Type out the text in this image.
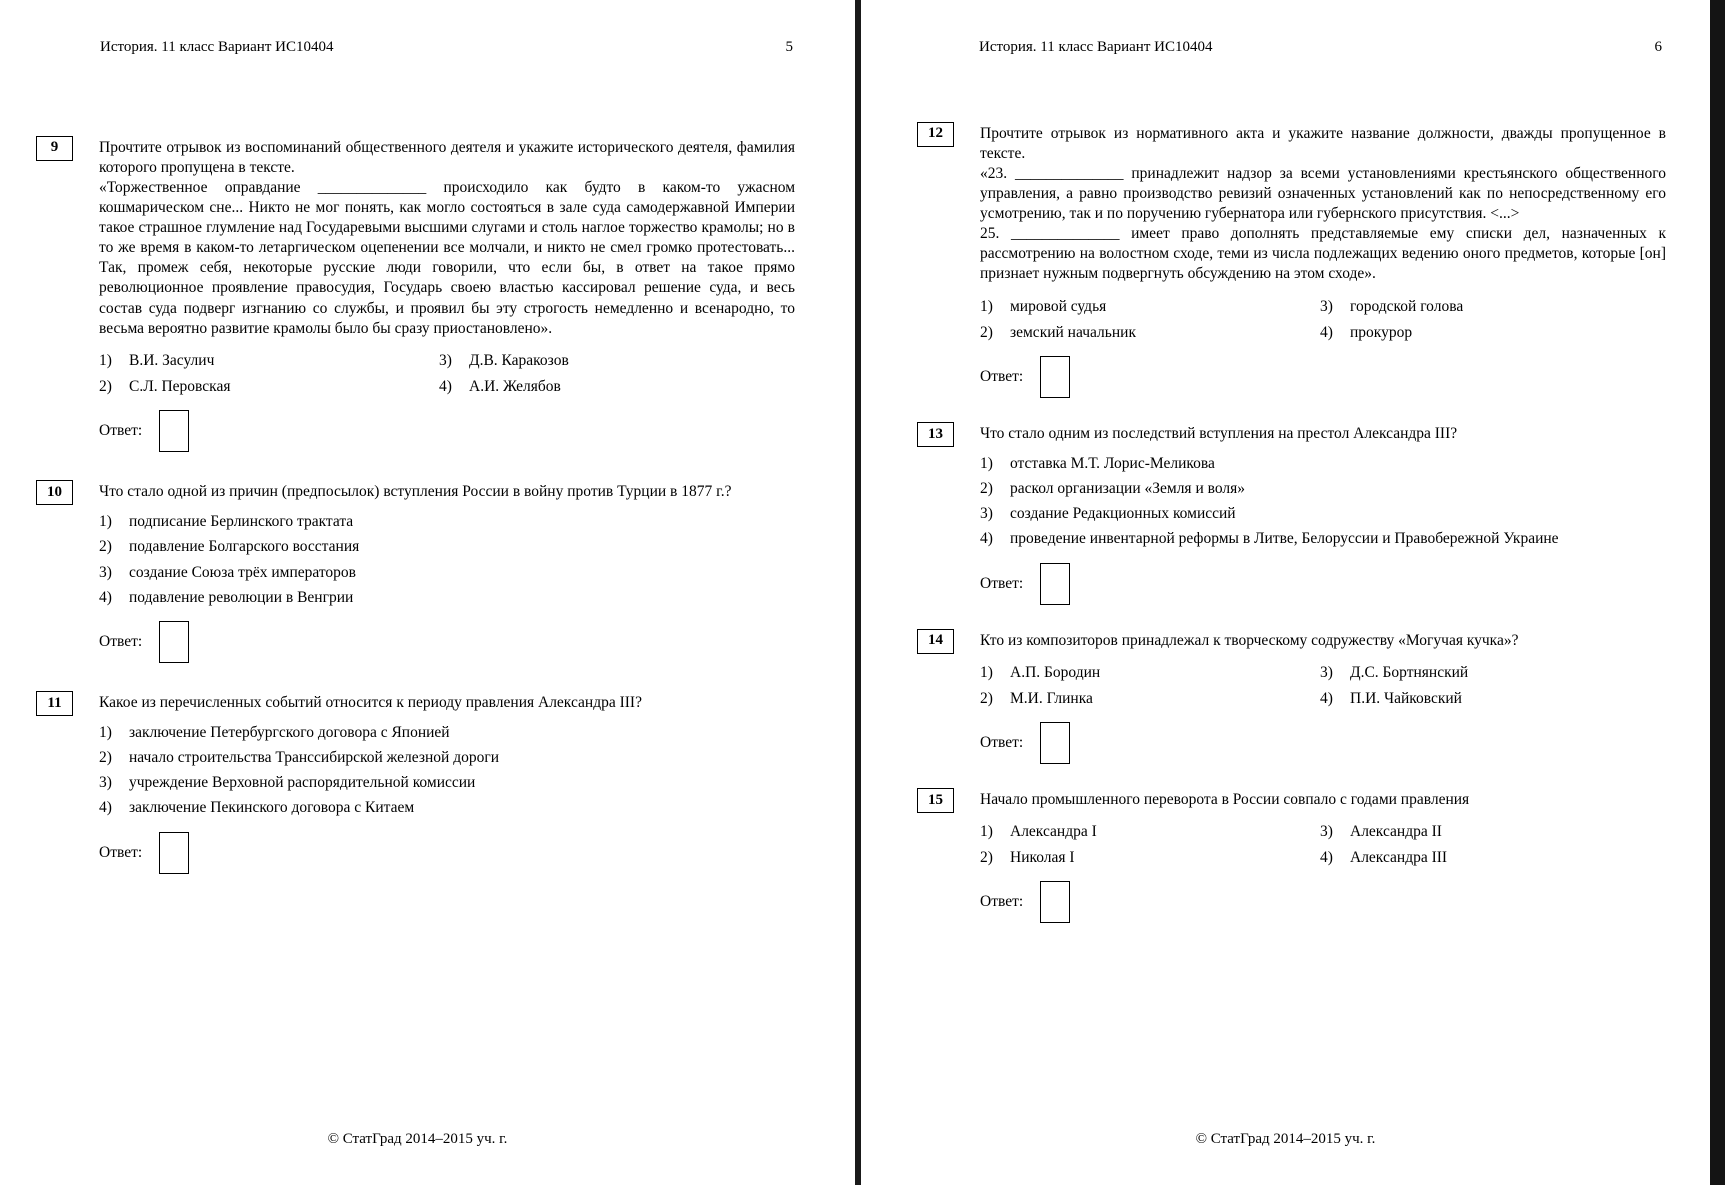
История. 11 класс Вариант ИС10404	5
9	Прочтите отрывок из воспоминаний общественного деятеля и укажите исторического деятеля, фамилия которого пропущена в тексте.

«Торжественное оправдание ______________ происходило как будто в каком-то ужасном кошмарическом сне... Никто не мог понять, как могло состояться в зале суда самодержавной Империи такое страшное глумление над Государевыми высшими слугами и столь наглое торжество крамолы; но в то же время в каком-то летаргическом оцепенении все молчали, и никто не смел громко протестовать... Так, промеж себя, некоторые русские люди говорили, что если бы, в ответ на такое прямо революционное проявление правосудия, Государь своею властью кассировал решение суда, и весь состав суда подверг изгнанию со службы, и проявил бы эту строгость немедленно и всенародно, то весьма вероятно развитие крамолы было бы сразу приостановлено».

1)	В.И. Засулич	3)	Д.В. Каракозов
2)	С.Л. Перовская	4)	А.И. Желябов
Ответ:
10 Что стало одной из причин (предпосылок) вступления России в войну против Турции в 1877 г.?

1)	подписание Берлинского трактата
2)	подавление Болгарского восстания
3)	создание Союза трёх императоров
4)	подавление революции в Венгрии
Ответ:
11 Какое из перечисленных событий относится к периоду правления Александра III?

1)	заключение Петербургского договора с Японией
2)	начало строительства Транссибирской железной дороги
3)	учреждение Верховной распорядительной комиссии
4)	заключение Пекинского договора с Китаем
Ответ:
© СтатГрад 2014–2015 уч. г.
История. 11 класс Вариант ИС10404	6
12 Прочтите отрывок из нормативного акта и укажите название должности, дважды пропущенное в тексте.

«23. ______________ принадлежит надзор за всеми установлениями крестьянского общественного управления, а равно производство ревизий означенных установлений как по непосредственному его усмотрению, так и по поручению губернатора или губернского присутствия. <...>

25. ______________ имеет право дополнять представляемые ему списки дел, назначенных к рассмотрению на волостном сходе, теми из числа подлежащих ведению оного предметов, которые [он] признает нужным подвергнуть обсуждению на этом сходе».

1)	мировой судья	3)	городской голова
2)	земский начальник	4)	прокурор
Ответ:
13 Что стало одним из последствий вступления на престол Александра III?

1)	отставка М.Т. Лорис-Меликова
2)	раскол организации «Земля и воля»
3)	создание Редакционных комиссий
4)	проведение инвентарной реформы в Литве, Белоруссии и Правобережной Украине
Ответ:
14 Кто из композиторов принадлежал к творческому содружеству «Могучая кучка»?

1)	А.П. Бородин	3)	Д.С. Бортнянский
2)	М.И. Глинка	4)	П.И. Чайковский
Ответ:
15 Начало промышленного переворота в России совпало с годами правления

1)	Александра I	3)	Александра II
2)	Николая I	4)	Александра III
Ответ:
© СтатГрад 2014–2015 уч. г.
